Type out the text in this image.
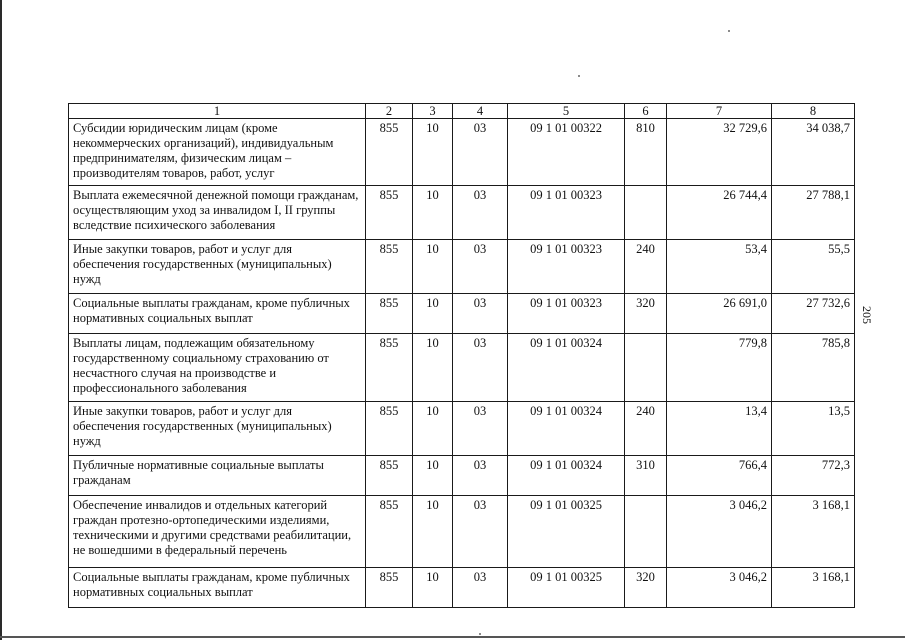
205
1	2	3	4	5	6	7	8
Субсидии юридическим лицам (кроме некоммерческих организаций), индивидуальным предпринимателям, физическим лицам – производителям товаров, работ, услуг	855	10	03	09 1 01 00322	810	32 729,6	34 038,7
Выплата ежемесячной денежной помощи гражданам, осуществляющим уход за инвалидом I, II группы вследствие психического заболевания	855	10	03	09 1 01 00323		26 744,4	27 788,1
Иные закупки товаров, работ и услуг для обеспечения государственных (муниципальных) нужд	855	10	03	09 1 01 00323	240	53,4	55,5
Социальные выплаты гражданам, кроме публичных нормативных социальных выплат	855	10	03	09 1 01 00323	320	26 691,0	27 732,6
Выплаты лицам, подлежащим обязательному государственному социальному страхованию от несчастного случая на производстве и профессионального заболевания	855	10	03	09 1 01 00324		779,8	785,8
Иные закупки товаров, работ и услуг для обеспечения государственных (муниципальных) нужд	855	10	03	09 1 01 00324	240	13,4	13,5
Публичные нормативные социальные выплаты гражданам	855	10	03	09 1 01 00324	310	766,4	772,3
Обеспечение инвалидов и отдельных категорий граждан протезно-ортопедическими изделиями, техническими и другими средствами реабилитации, не вошедшими в федеральный перечень	855	10	03	09 1 01 00325		3 046,2	3 168,1
Социальные выплаты гражданам, кроме публичных нормативных социальных выплат	855	10	03	09 1 01 00325	320	3 046,2	3 168,1
